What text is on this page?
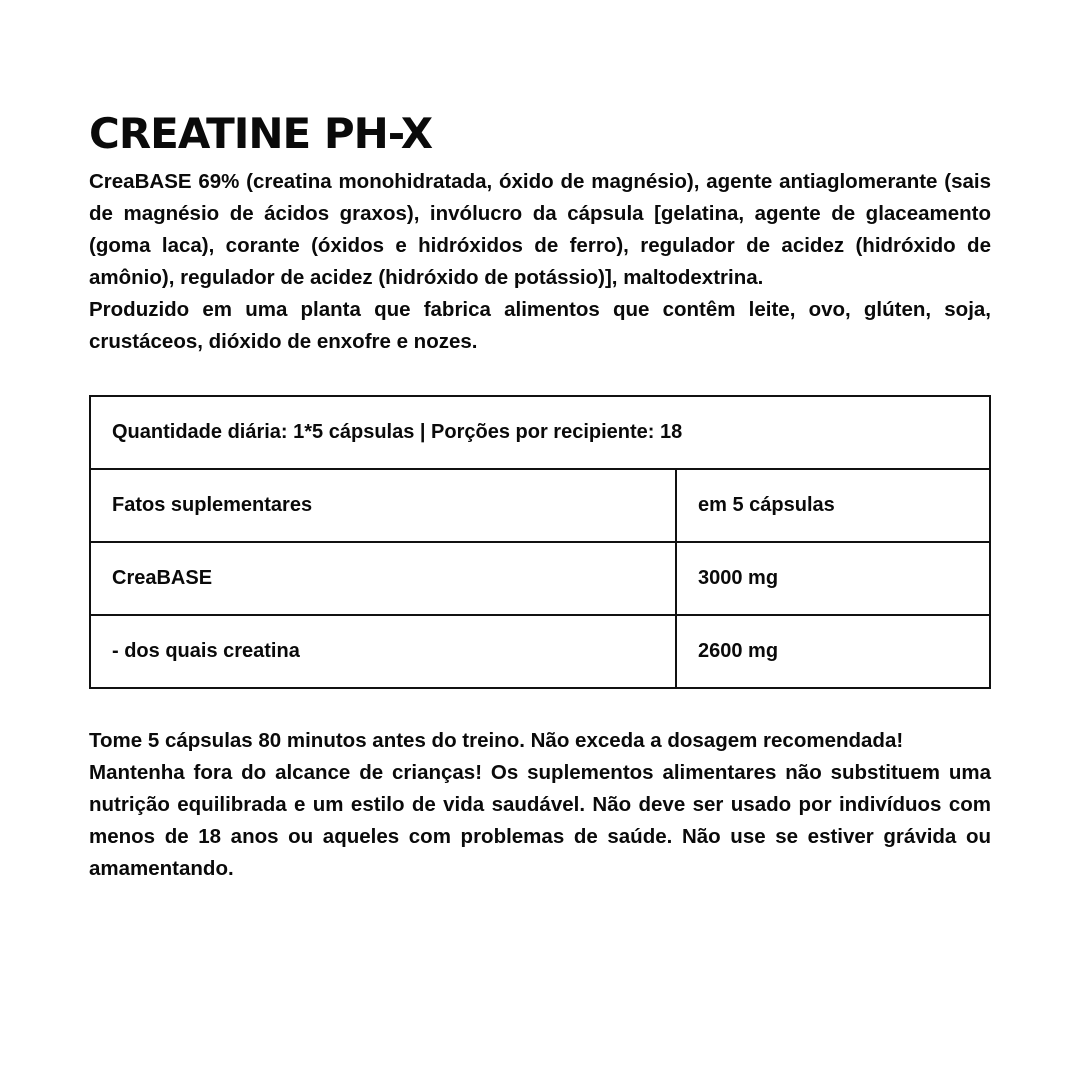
CREATINE PH-X

CreaBASE 69% (creatina monohidratada, óxido de magnésio), agente antiaglomerante (sais de magnésio de ácidos graxos), invólucro da cápsula [gelatina, agente de glaceamento (goma laca), corante (óxidos e hidróxidos de ferro), regulador de acidez (hidróxido de amônio), regulador de acidez (hidróxido de potássio)], maltodextrina.

Produzido em uma planta que fabrica alimentos que contêm leite, ovo, glúten, soja, crustáceos, dióxido de enxofre e nozes.

Quantidade diária: 1*5 cápsulas | Porções por recipiente: 18	
Fatos suplementares	em 5 cápsulas
CreaBASE	3000 mg
- dos quais creatina	2600 mg

Tome 5 cápsulas 80 minutos antes do treino. Não exceda a dosagem recomendada!

Mantenha fora do alcance de crianças! Os suplementos alimentares não substituem uma nutrição equilibrada e um estilo de vida saudável. Não deve ser usado por indivíduos com menos de 18 anos ou aqueles com problemas de saúde. Não use se estiver grávida ou amamentando.
